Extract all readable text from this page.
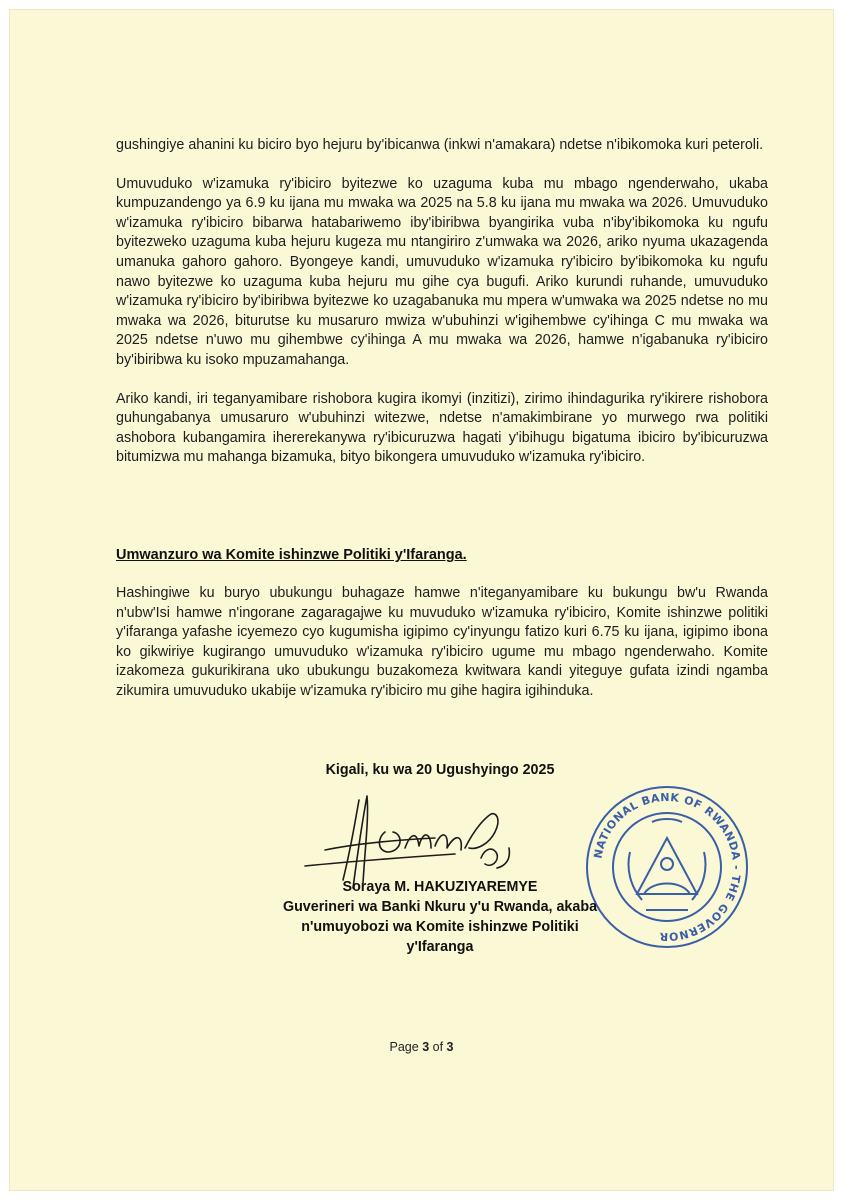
gushingiye ahanini ku biciro byo hejuru by'ibicanwa (inkwi n'amakara) ndetse n'ibikomoka kuri peteroli.

Umuvuduko w'izamuka ry'ibiciro byitezwe ko uzaguma kuba mu mbago ngenderwaho, ukaba kumpuzandengo ya 6.9 ku ijana mu mwaka wa 2025 na 5.8 ku ijana mu mwaka wa 2026. Umuvuduko w'izamuka ry'ibiciro bibarwa hatabariwemo iby'ibiribwa byangirika vuba n'iby'ibikomoka ku ngufu byitezweko uzaguma kuba hejuru kugeza mu ntangiriro z'umwaka wa 2026, ariko nyuma ukazagenda umanuka gahoro gahoro. Byongeye kandi, umuvuduko w'izamuka ry'ibiciro by'ibikomoka ku ngufu nawo byitezwe ko uzaguma kuba hejuru mu gihe cya bugufi. Ariko kurundi ruhande, umuvuduko w'izamuka ry'ibiciro by'ibiribwa byitezwe ko uzagabanuka mu mpera w'umwaka wa 2025 ndetse no mu mwaka wa 2026, biturutse ku musaruro mwiza w'ubuhinzi w'igihembwe cy'ihinga C mu mwaka wa 2025 ndetse n'uwo mu gihembwe cy'ihinga A mu mwaka wa 2026, hamwe n'igabanuka ry'ibiciro by'ibiribwa ku isoko mpuzamahanga.

Ariko kandi, iri teganyamibare rishobora kugira ikomyi (inzitizi), zirimo ihindagurika ry'ikirere rishobora guhungabanya umusaruro w'ubuhinzi witezwe, ndetse n'amakimbirane yo murwego rwa politiki ashobora kubangamira ihererekanywa ry'ibicuruzwa hagati y'ibihugu bigatuma ibiciro by'ibicuruzwa bitumizwa mu mahanga bizamuka, bityo bikongera umuvuduko w'izamuka ry'ibiciro.

Umwanzuro wa Komite ishinzwe Politiki y'Ifaranga.

Hashingiwe ku buryo ubukungu buhagaze hamwe n'iteganyamibare ku bukungu bw'u Rwanda n'ubw'Isi hamwe n'ingorane zagaragajwe ku muvuduko w'izamuka ry'ibiciro, Komite ishinzwe politiki y'ifaranga yafashe icyemezo cyo kugumisha igipimo cy'inyungu fatizo kuri 6.75 ku ijana, igipimo ibona ko gikwiriye kugirango umuvuduko w'izamuka ry'ibiciro ugume mu mbago ngenderwaho. Komite izakomeza gukurikirana uko ubukungu buzakomeza kwitwara kandi yiteguye gufata izindi ngamba zikumira umuvuduko ukabije w'izamuka ry'ibiciro mu gihe hagira igihinduka.

Kigali, ku wa 20 Ugushyingo 2025
NATIONAL BANK OF RWANDA - THE GOVERNOR
Soraya M. HAKUZIYAREMYE
Guverineri wa Banki Nkuru y'u Rwanda, akaba
n'umuyobozi wa Komite ishinzwe Politiki
y'Ifaranga
Page 3 of 3
